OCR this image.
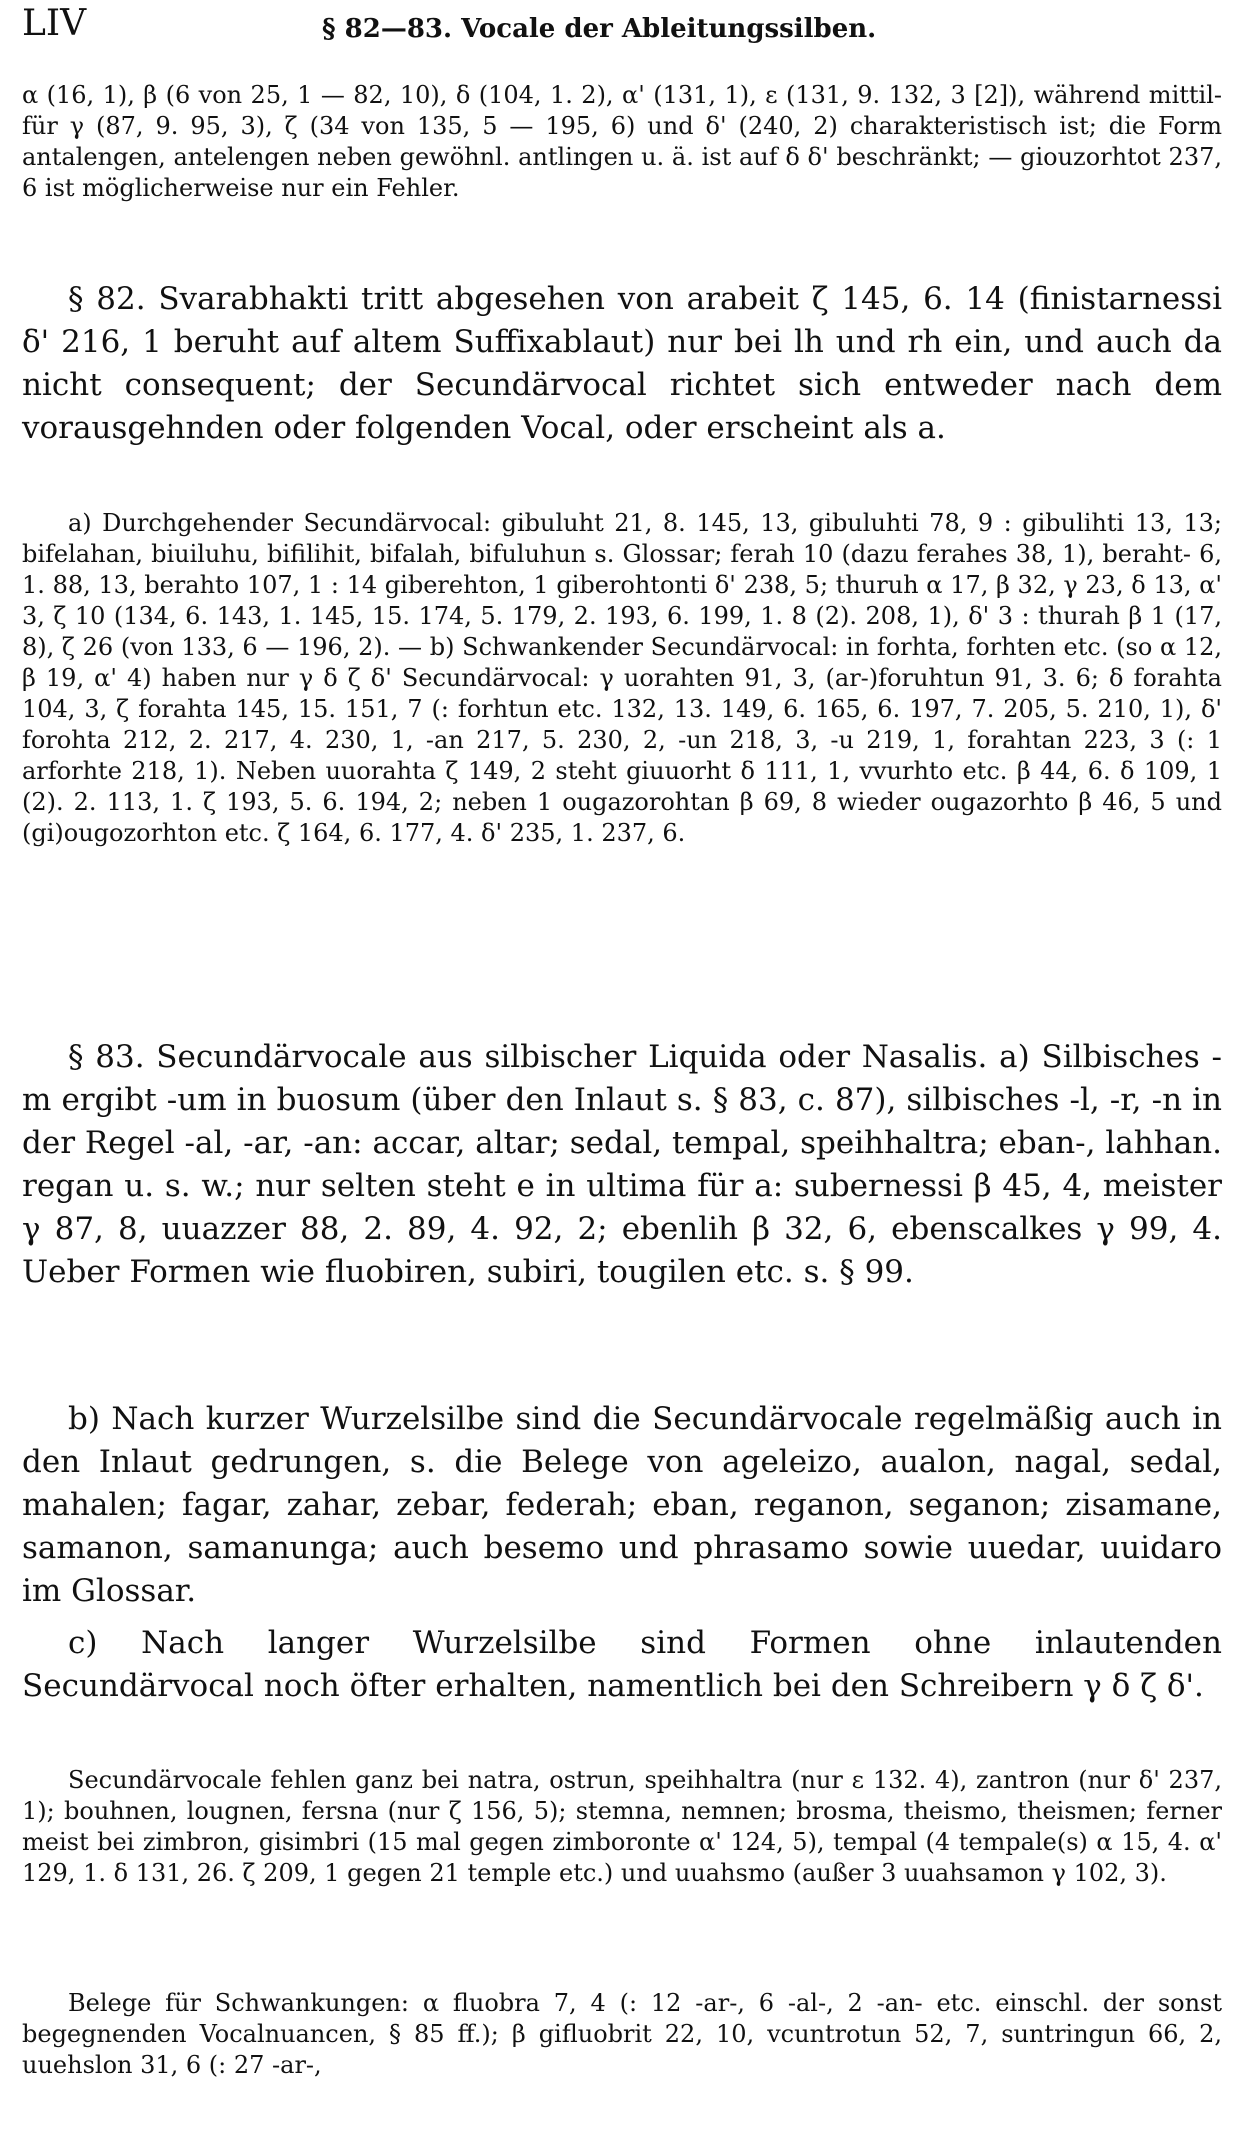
LIV	§ 82—83. Vocale der Ableitungssilben.

α (16, 1), β (6 von 25, 1 — 82, 10), δ (104, 1. 2), α' (131, 1), ε (131, 9. 132, 3 [2]), während mittil- für γ (87, 9. 95, 3), ζ (34 von 135, 5 — 195, 6) und δ' (240, 2) charakteristisch ist; die Form antalengen, antelengen neben gewöhnl. antlingen u. ä. ist auf δ δ' beschränkt; — giouzorhtot 237, 6 ist möglicherweise nur ein Fehler.

§ 82. Svarabhakti tritt abgesehen von arabeit ζ 145, 6. 14 (finistarnessi δ' 216, 1 beruht auf altem Suffixablaut) nur bei lh und rh ein, und auch da nicht consequent; der Secundärvocal richtet sich entweder nach dem vorausgehnden oder folgenden Vocal, oder erscheint als a.

a) Durchgehender Secundärvocal: gibuluht 21, 8. 145, 13, gibuluhti 78, 9 : gibulihti 13, 13; bifelahan, biuiluhu, bifilihit, bifalah, bifuluhun s. Glossar; ferah 10 (dazu ferahes 38, 1), beraht- 6, 1. 88, 13, berahto 107, 1 : 14 giberehton, 1 giberohtonti δ' 238, 5; thuruh α 17, β 32, γ 23, δ 13, α' 3, ζ 10 (134, 6. 143, 1. 145, 15. 174, 5. 179, 2. 193, 6. 199, 1. 8 (2). 208, 1), δ' 3 : thurah β 1 (17, 8), ζ 26 (von 133, 6 — 196, 2). — b) Schwankender Secundärvocal: in forhta, forhten etc. (so α 12, β 19, α' 4) haben nur γ δ ζ δ' Secundärvocal: γ uorahten 91, 3, (ar-)foruhtun 91, 3. 6; δ forahta 104, 3, ζ forahta 145, 15. 151, 7 (: forhtun etc. 132, 13. 149, 6. 165, 6. 197, 7. 205, 5. 210, 1), δ' forohta 212, 2. 217, 4. 230, 1, -an 217, 5. 230, 2, -un 218, 3, -u 219, 1, forahtan 223, 3 (: 1 arforhte 218, 1). Neben uuorahta ζ 149, 2 steht giuuorht δ 111, 1, vvurhto etc. β 44, 6. δ 109, 1 (2). 2. 113, 1. ζ 193, 5. 6. 194, 2; neben 1 ougazorohtan β 69, 8 wieder ougazorhto β 46, 5 und (gi)ougozorhton etc. ζ 164, 6. 177, 4. δ' 235, 1. 237, 6.

§ 83. Secundärvocale aus silbischer Liquida oder Nasalis. a) Silbisches -m ergibt -um in buosum (über den Inlaut s. § 83, c. 87), silbisches -l, -r, -n in der Regel -al, -ar, -an: accar, altar; sedal, tempal, speihhaltra; eban-, lahhan. regan u. s. w.; nur selten steht e in ultima für a: subernessi β 45, 4, meister γ 87, 8, uuazzer 88, 2. 89, 4. 92, 2; ebenlih β 32, 6, ebenscalkes γ 99, 4. Ueber Formen wie fluobiren, subiri, tougilen etc. s. § 99.

b) Nach kurzer Wurzelsilbe sind die Secundärvocale regelmäßig auch in den Inlaut gedrungen, s. die Belege von ageleizo, aualon, nagal, sedal, mahalen; fagar, zahar, zebar, federah; eban, reganon, seganon; zisamane, samanon, samanunga; auch besemo und phrasamo sowie uuedar, uuidaro im Glossar.

c) Nach langer Wurzelsilbe sind Formen ohne inlautenden Secundärvocal noch öfter erhalten, namentlich bei den Schreibern γ δ ζ δ'.

Secundärvocale fehlen ganz bei natra, ostrun, speihhaltra (nur ε 132. 4), zantron (nur δ' 237, 1); bouhnen, lougnen, fersna (nur ζ 156, 5); stemna, nemnen; brosma, theismo, theismen; ferner meist bei zimbron, gisimbri (15 mal gegen zimboronte α' 124, 5), tempal (4 tempale(s) α 15, 4. α' 129, 1. δ 131, 26. ζ 209, 1 gegen 21 temple etc.) und uuahsmo (außer 3 uuahsamon γ 102, 3).

Belege für Schwankungen: α fluobra 7, 4 (: 12 -ar-, 6 -al-, 2 -an- etc. einschl. der sonst begegnenden Vocalnuancen, § 85 ff.); β gifluobrit 22, 10, vcuntrotun 52, 7, suntringun 66, 2, uuehslon 31, 6 (: 27 -ar-,
